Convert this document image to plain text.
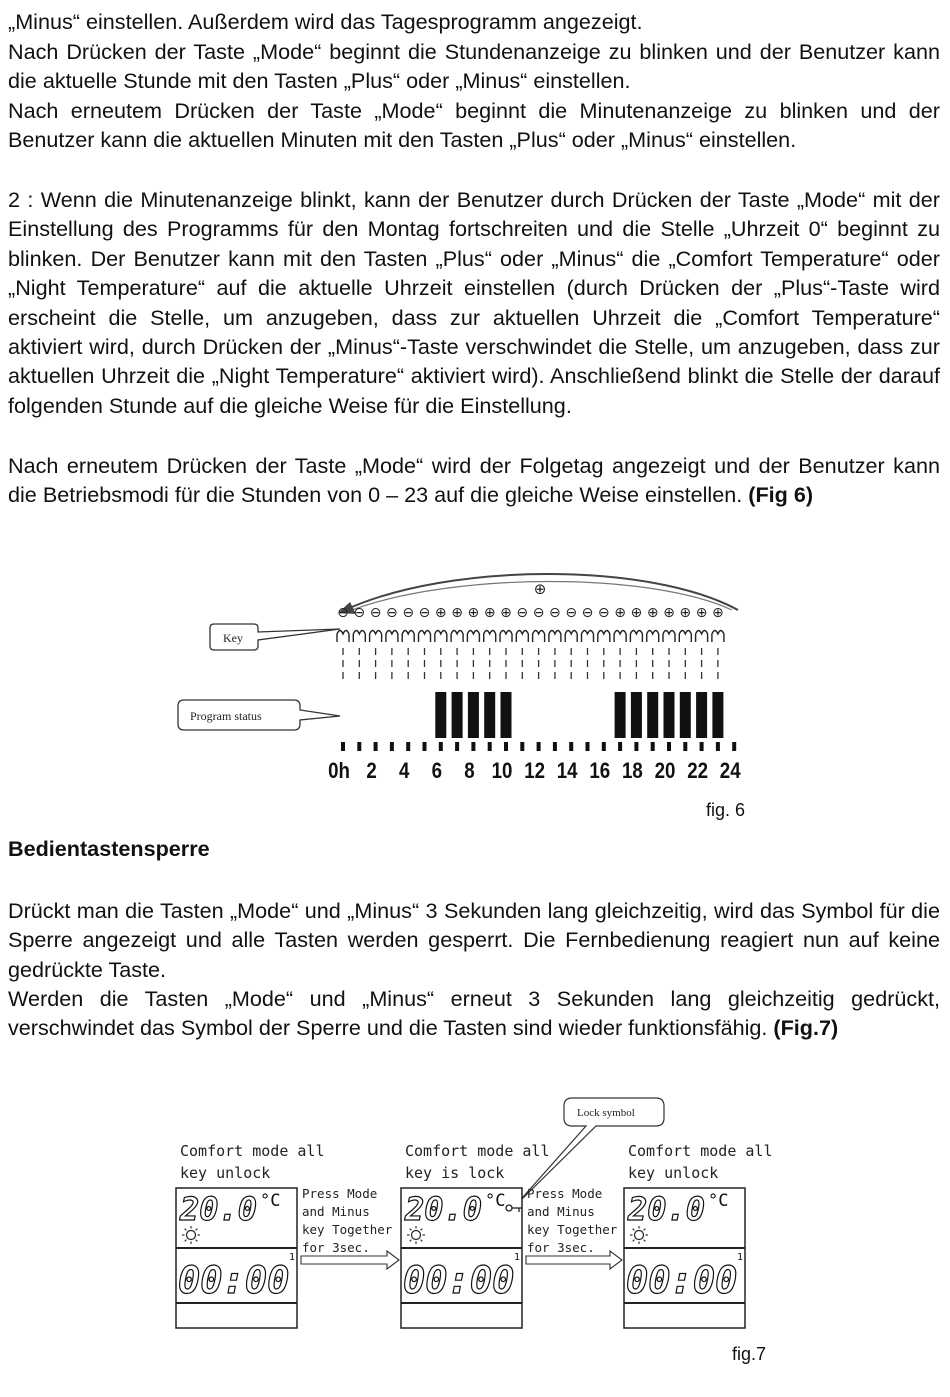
„Minus“ einstellen. Außerdem wird das Tagesprogramm angezeigt.

Nach Drücken der Taste „Mode“ beginnt die Stundenanzeige zu blinken und der Benutzer kann die aktuelle Stunde mit den Tasten „Plus“ oder „Minus“ einstellen.

Nach erneutem Drücken der Taste „Mode“ beginnt die Minutenanzeige zu blinken und der Benutzer kann die aktuellen Minuten mit den Tasten „Plus“ oder „Minus“ einstellen.

2 : Wenn die Minutenanzeige blinkt, kann der Benutzer durch Drücken der Taste „Mode“ mit der Einstellung des Programms für den Montag fortschreiten und die Stelle „Uhrzeit 0“ beginnt zu blinken. Der Benutzer kann mit den Tasten „Plus“ oder „Minus“ die „Comfort Temperature“ oder „Night Temperature“ auf die aktuelle Uhrzeit einstellen (durch Drücken der „Plus“-Taste wird erscheint die Stelle, um anzugeben, dass zur aktuellen Uhrzeit die „Comfort Temperature“ aktiviert wird, durch Drücken der „Minus“-Taste verschwindet die Stelle, um anzugeben, dass zur aktuellen Uhrzeit die „Night Temperature“ aktiviert wird). Anschließend blinkt die Stelle der darauf folgenden Stunde auf die gleiche Weise für die Einstellung.

Nach erneutem Drücken der Taste „Mode“ wird der Folgetag angezeigt und der Benutzer kann die Betriebsmodi für die Stunden von 0 – 23 auf die gleiche Weise einstellen. (Fig 6)

⊕
⊖ ⊖ ⊖ ⊖ ⊖ ⊖ ⊕ ⊕ ⊕ ⊕ ⊕ ⊖ ⊖ ⊖ ⊖ ⊖ ⊖ ⊕ ⊕ ⊕ ⊕ ⊕ ⊕ ⊕
0h 2 4 6 8 10 12 14 16 18 20 22 24
Key
Program status
fig. 6
Bedientastensperre

Drückt man die Tasten „Mode“ und „Minus“ 3 Sekunden lang gleichzeitig, wird das Symbol für die Sperre angezeigt und alle Tasten werden gesperrt. Die Fernbedienung reagiert nun auf keine gedrückte Taste.

Werden die Tasten „Mode“ und „Minus“ erneut 3 Sekunden lang gleichzeitig gedrückt, verschwindet das Symbol der Sperre und die Tasten sind wieder funktionsfähig. (Fig.7)

Lock symbol
Comfort mode all
key unlock
20.0 °C
00:00
1
Comfort mode all
key is lock
20.0 °C
00:00
1
Comfort mode all
key unlock
20.0 °C
00:00
1
Press Mode
and Minus
key Together
for 3sec.
Press Mode
and Minus
key Together
for 3sec.
fig.7
